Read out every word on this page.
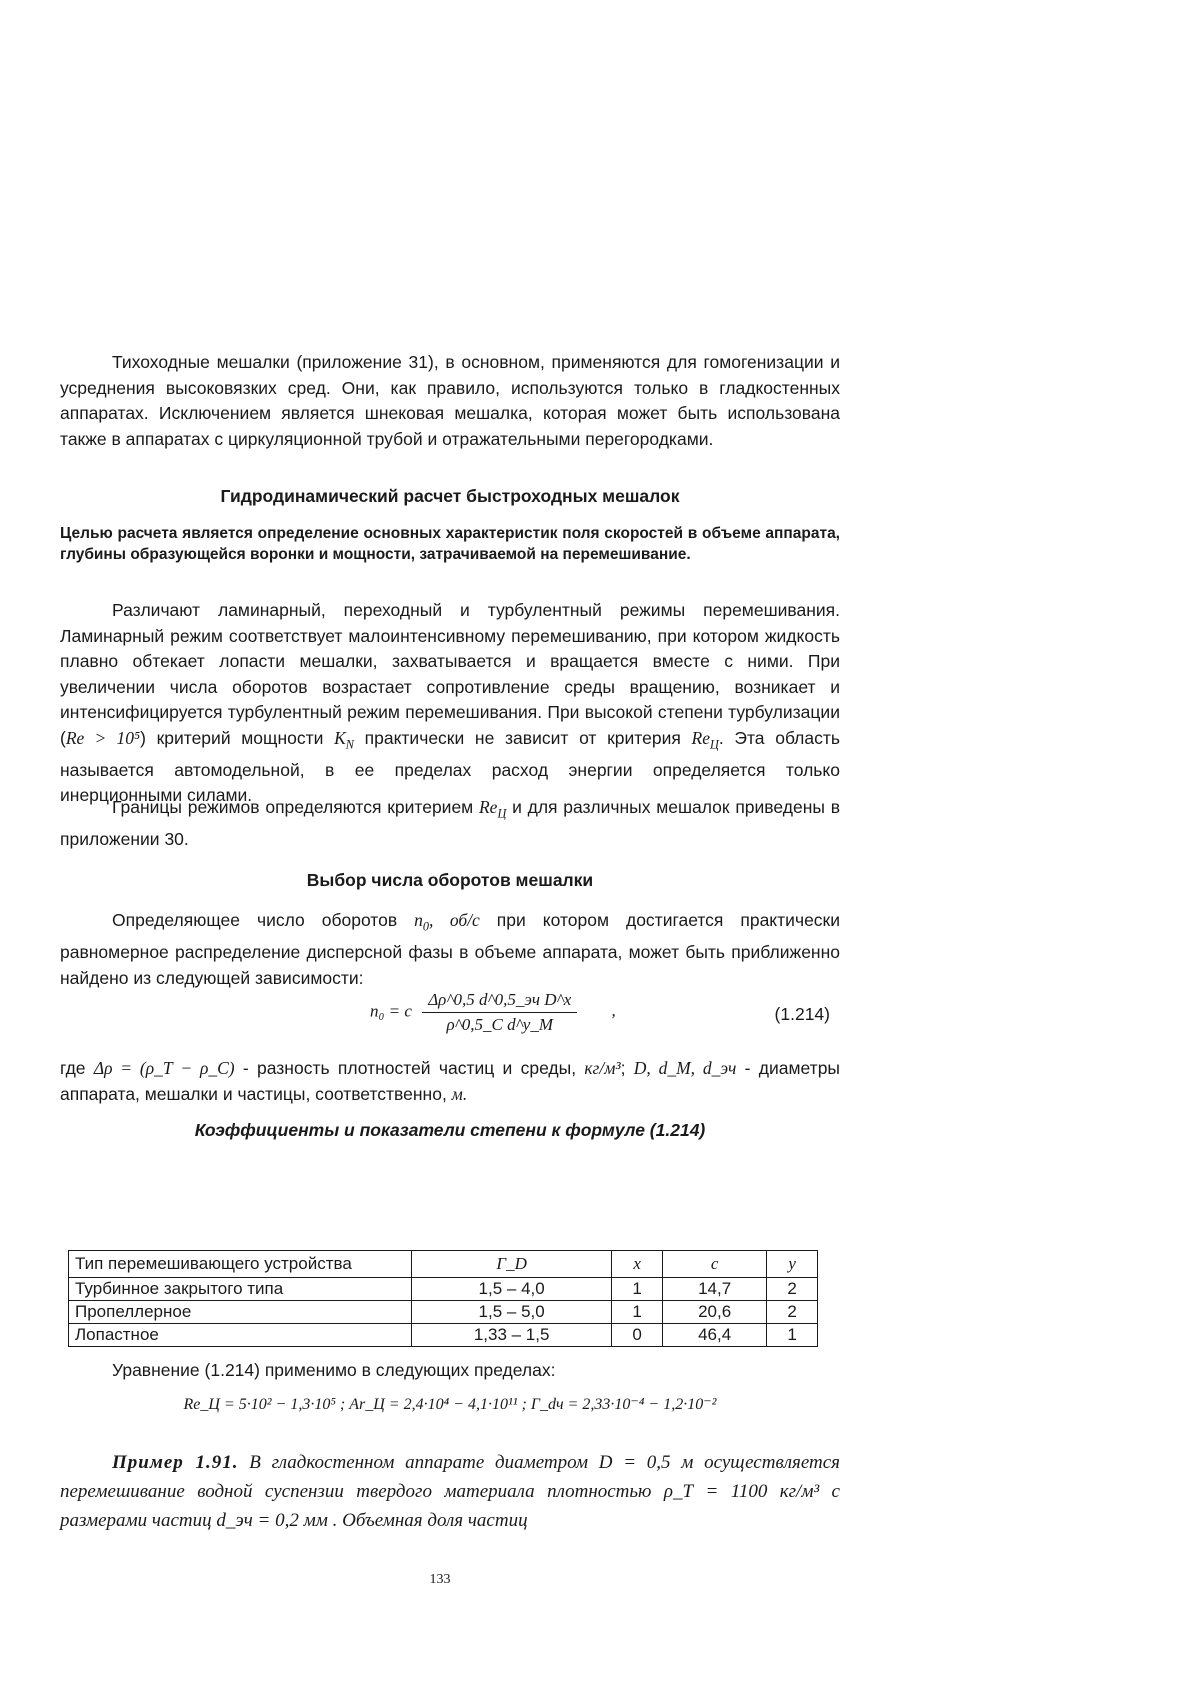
Тихоходные мешалки (приложение 31), в основном, применяются для гомогенизации и усреднения высоковязких сред. Они, как правило, используются только в гладкостенных аппаратах. Исключением является шнековая мешалка, которая может быть использована также в аппаратах с циркуляционной трубой и отражательными перегородками.

Гидродинамический расчет быстроходных мешалок

Целью расчета является определение основных характеристик поля скоростей в объеме аппарата, глубины образующейся воронки и мощности, затрачиваемой на перемешивание.

Различают ламинарный, переходный и турбулентный режимы перемешивания. Ламинарный режим соответствует малоинтенсивному перемешиванию, при котором жидкость плавно обтекает лопасти мешалки, захватывается и вращается вместе с ними. При увеличении числа оборотов возрастает сопротивление среды вращению, возникает и интенсифицируется турбулентный режим перемешивания. При высокой степени турбулизации (Re > 10⁵) критерий мощности $K_N$ практически не зависит от критерия $Re_Ц$. Эта область называется автомодельной, в ее пределах расход энергии определяется только инерционными силами.

Границы режимов определяются критерием $Re_Ц$ и для различных мешалок приведены в приложении 30.

Выбор числа оборотов мешалки

Определяющее число оборотов $n_0$, об/с при котором достигается практически равномерное распределение дисперсной фазы в объеме аппарата, может быть приближенно найдено из следующей зависимости:

n₀ = c $\frac{\text{Δρ\textasciicircum{}0,5 d\textasciicircum{}0,5\_эч D\textasciicircum{}x}}{\text{ρ\textasciicircum{}0,5\_C d\textasciicircum{}y\_M}}$ ,	(1.214)

где Δρ = (ρ_Т − ρ_С) - разность плотностей частиц и среды, кг/м³; D, d_M, d_эч - диаметры аппарата, мешалки и частицы, соответственно, м.

Коэффициенты и показатели степени к формуле (1.214)
Тип перемешивающего устройства	Г_D	x	c	y
Турбинное закрытого типа	1,5 – 4,0	1	14,7	2
Пропеллерное	1,5 – 5,0	1	20,6	2
Лопастное	1,33 – 1,5	0	46,4	1

Уравнение (1.214) применимо в следующих пределах:

Re_Ц = 5·10² − 1,3·10⁵ ; Ar_Ц = 2,4·10⁴ − 4,1·10¹¹ ; Г_dч = 2,33·10⁻⁴ − 1,2·10⁻²

Пример 1.91. В гладкостенном аппарате диаметром D = 0,5 м осуществляется перемешивание водной суспензии твердого материала плотностью ρ_Т = 1100 кг/м³ с размерами частиц d_эч = 0,2 мм . Объемная доля частиц

133
